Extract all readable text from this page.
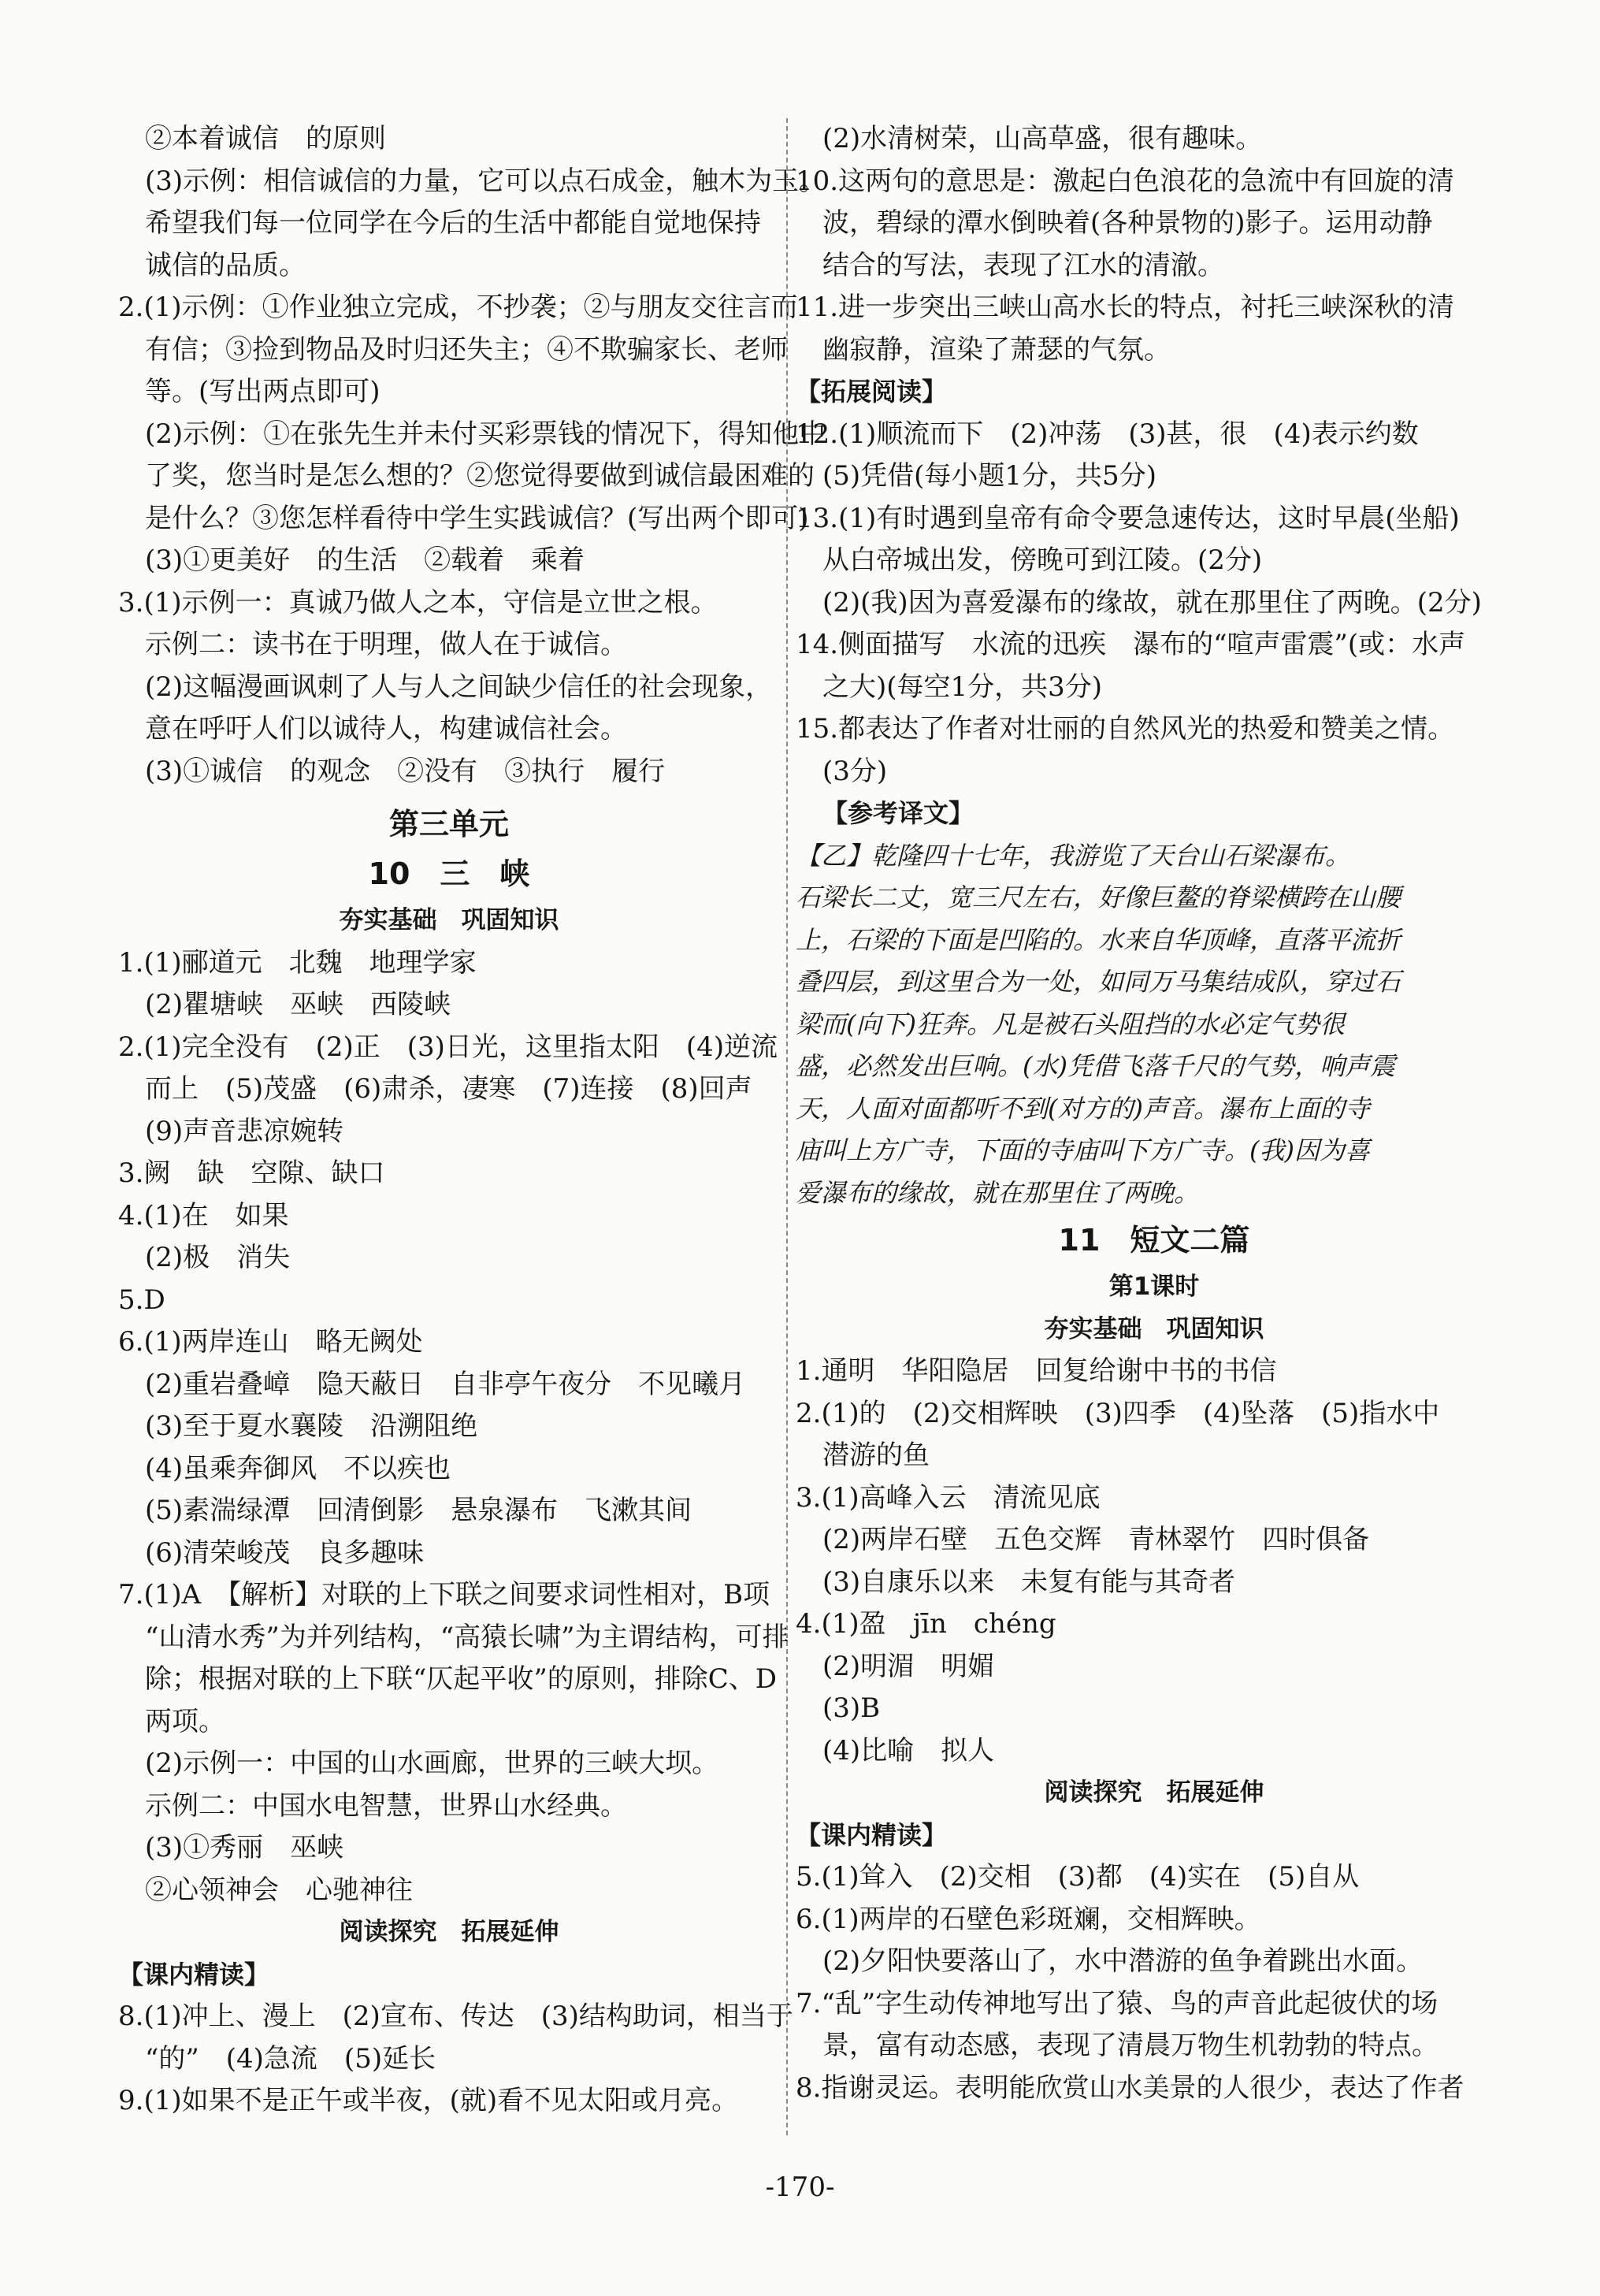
②本着诚信　的原则
(3)示例：相信诚信的力量，它可以点石成金，触木为玉。
希望我们每一位同学在今后的生活中都能自觉地保持
诚信的品质。
2.(1)示例：①作业独立完成，不抄袭；②与朋友交往言而
有信；③捡到物品及时归还失主；④不欺骗家长、老师
等。(写出两点即可)
(2)示例：①在张先生并未付买彩票钱的情况下，得知他中
了奖，您当时是怎么想的？②您觉得要做到诚信最困难的
是什么？③您怎样看待中学生实践诚信？(写出两个即可)
(3)①更美好　的生活　②载着　乘着
3.(1)示例一：真诚乃做人之本，守信是立世之根。
示例二：读书在于明理，做人在于诚信。
(2)这幅漫画讽刺了人与人之间缺少信任的社会现象，
意在呼吁人们以诚待人，构建诚信社会。
(3)①诚信　的观念　②没有　③执行　履行
第三单元
10　三　峡
夯实基础　巩固知识
1.(1)郦道元　北魏　地理学家
(2)瞿塘峡　巫峡　西陵峡
2.(1)完全没有　(2)正　(3)日光，这里指太阳　(4)逆流
而上　(5)茂盛　(6)肃杀，凄寒　(7)连接　(8)回声
(9)声音悲凉婉转
3.阙　缺　空隙、缺口
4.(1)在　如果
(2)极　消失
5.D
6.(1)两岸连山　略无阙处
(2)重岩叠嶂　隐天蔽日　自非亭午夜分　不见曦月
(3)至于夏水襄陵　沿溯阻绝
(4)虽乘奔御风　不以疾也
(5)素湍绿潭　回清倒影　悬泉瀑布　飞漱其间
(6)清荣峻茂　良多趣味
7.(1)A　【解析】对联的上下联之间要求词性相对，B项
“山清水秀”为并列结构，“高猿长啸”为主谓结构，可排
除；根据对联的上下联“仄起平收”的原则，排除C、D
两项。
(2)示例一：中国的山水画廊，世界的三峡大坝。
示例二：中国水电智慧，世界山水经典。
(3)①秀丽　巫峡
②心领神会　心驰神往
阅读探究　拓展延伸
【课内精读】
8.(1)冲上、漫上　(2)宣布、传达　(3)结构助词，相当于
“的”　(4)急流　(5)延长
9.(1)如果不是正午或半夜，(就)看不见太阳或月亮。
(2)水清树荣，山高草盛，很有趣味。
10.这两句的意思是：激起白色浪花的急流中有回旋的清
波，碧绿的潭水倒映着(各种景物的)影子。运用动静
结合的写法，表现了江水的清澈。
11.进一步突出三峡山高水长的特点，衬托三峡深秋的清
幽寂静，渲染了萧瑟的气氛。
【拓展阅读】
12.(1)顺流而下　(2)冲荡　(3)甚，很　(4)表示约数
(5)凭借(每小题1分，共5分)
13.(1)有时遇到皇帝有命令要急速传达，这时早晨(坐船)
从白帝城出发，傍晚可到江陵。(2分)
(2)(我)因为喜爱瀑布的缘故，就在那里住了两晚。(2分)
14.侧面描写　水流的迅疾　瀑布的“喧声雷震”(或：水声
之大)(每空1分，共3分)
15.都表达了作者对壮丽的自然风光的热爱和赞美之情。
(3分)
【参考译文】
【乙】乾隆四十七年，我游览了天台山石梁瀑布。
石梁长二丈，宽三尺左右，好像巨鳌的脊梁横跨在山腰
上，石梁的下面是凹陷的。水来自华顶峰，直落平流折
叠四层，到这里合为一处，如同万马集结成队，穿过石
梁而(向下)狂奔。凡是被石头阻挡的水必定气势很
盛，必然发出巨响。(水)凭借飞落千尺的气势，响声震
天，人面对面都听不到(对方的)声音。瀑布上面的寺
庙叫上方广寺，下面的寺庙叫下方广寺。(我)因为喜
爱瀑布的缘故，就在那里住了两晚。
11　短文二篇
第1课时
夯实基础　巩固知识
1.通明　华阳隐居　回复给谢中书的书信
2.(1)的　(2)交相辉映　(3)四季　(4)坠落　(5)指水中
潜游的鱼
3.(1)高峰入云　清流见底
(2)两岸石壁　五色交辉　青林翠竹　四时俱备
(3)自康乐以来　未复有能与其奇者
4.(1)盈　jīn　chéng
(2)明湄　明媚
(3)B
(4)比喻　拟人
阅读探究　拓展延伸
【课内精读】
5.(1)耸入　(2)交相　(3)都　(4)实在　(5)自从
6.(1)两岸的石壁色彩斑斓，交相辉映。
(2)夕阳快要落山了，水中潜游的鱼争着跳出水面。
7.“乱”字生动传神地写出了猿、鸟的声音此起彼伏的场
景，富有动态感，表现了清晨万物生机勃勃的特点。
8.指谢灵运。表明能欣赏山水美景的人很少，表达了作者
-170-
